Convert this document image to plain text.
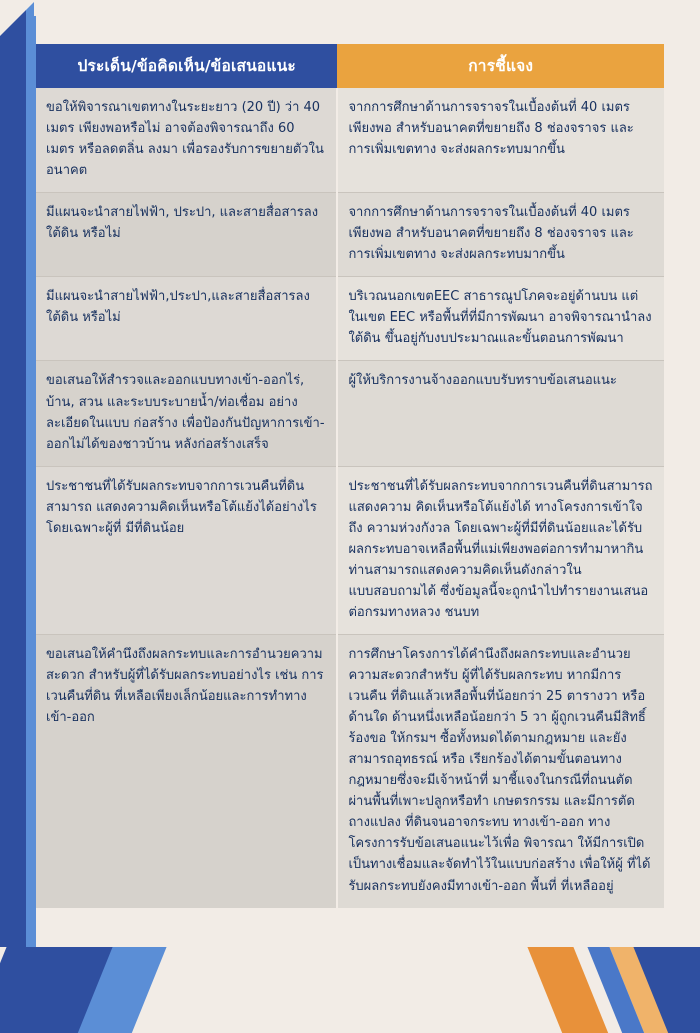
ประเด็น/ข้อคิดเห็น/ข้อเสนอแนะ	การชี้แจง
ขอให้พิจารณาเขตทางในระยะยาว (20 ปี) ว่า 40 เมตร เพียงพอหรือไม่ อาจต้องพิจารณาถึง 60 เมตร หรือลดตลิ่น ลงมา เพื่อรองรับการขยายตัวในอนาคต	จากการศึกษาด้านการจราจรในเบื้องต้นที่ 40 เมตรเพียงพอ สำหรับอนาคตที่ขยายถึง 8 ช่องจราจร และการเพิ่มเขตทาง จะส่งผลกระทบมากขึ้น
มีแผนจะนำสายไฟฟ้า, ประปา, และสายสื่อสารลงใต้ดิน หรือไม่	จากการศึกษาด้านการจราจรในเบื้องต้นที่ 40 เมตรเพียงพอ สำหรับอนาคตที่ขยายถึง 8 ช่องจราจร และการเพิ่มเขตทาง จะส่งผลกระทบมากขึ้น
มีแผนจะนำสายไฟฟ้า,ประปา,และสายสื่อสารลงใต้ดิน หรือไม่	บริเวณนอกเขตEEC สาธารณูปโภคจะอยู่ด้านบน แต่ ในเขต EEC หรือพื้นที่ที่มีการพัฒนา อาจพิจารณานำลง ใต้ดิน ขึ้นอยู่กับงบประมาณและขั้นตอนการพัฒนา
ขอเสนอให้สำรวจและออกแบบทางเข้า-ออกไร่, บ้าน, สวน และระบบระบายน้ำ/ท่อเชื่อม อย่างละเอียดในแบบ ก่อสร้าง เพื่อป้องกันปัญหาการเข้า-ออกไม่ได้ของชาวบ้าน หลังก่อสร้างเสร็จ	ผู้ให้บริการงานจ้างออกแบบรับทราบข้อเสนอแนะ
ประชาชนที่ได้รับผลกระทบจากการเวนคืนที่ดิน สามารถ แสดงความคิดเห็นหรือโต้แย้งได้อย่างไร โดยเฉพาะผู้ที่ มีที่ดินน้อย	ประชาชนที่ได้รับผลกระทบจากการเวนคืนที่ดินสามารถ แสดงความ คิดเห็นหรือโต้แย้งได้ ทางโครงการเข้าใจถึง ความห่วงกังวล โดยเฉพาะผู้ที่มีที่ดินน้อยและได้รับ ผลกระทบอาจเหลือพื้นที่แม่เพียงพอต่อการทำมาหากิน ท่านสามารถแสดงความคิดเห็นดังกล่าวในแบบสอบถามได้ ซึ่งข้อมูลนี้จะถูกนำไปทำรายงานเสนอต่อกรมทางหลวง ชนบท
ขอเสนอให้คำนึงถึงผลกระทบและการอำนวยความสะดวก สำหรับผู้ที่ได้รับผลกระทบอย่างไร เช่น การเวนคืนที่ดิน ที่เหลือเพียงเล็กน้อยและการทำทางเข้า-ออก	การศึกษาโครงการได้คำนึงถึงผลกระทบและอำนวย ความสะดวกสำหรับ ผู้ที่ได้รับผลกระทบ หากมีการเวนคืน ที่ดินแล้วเหลือพื้นที่น้อยกว่า 25 ตารางวา หรือด้านใด ด้านหนึ่งเหลือน้อยกว่า 5 วา ผู้ถูกเวนคืนมีสิทธิ์ร้องขอ ให้กรมฯ ซื้อทั้งหมดได้ตามกฎหมาย และยังสามารถอุทธรณ์ หรือ เรียกร้องได้ตามขั้นตอนทางกฎหมายซึ่งจะมีเจ้าหน้าที่ มาชี้แจงในกรณีที่ถนนตัดผ่านพื้นที่เพาะปลูกหรือทำ เกษตรกรรม และมีการตัดถางแปลง ที่ดินจนอาจกระทบ ทางเข้า-ออก ทางโครงการรับข้อเสนอแนะไว้เพื่อ พิจารณา ให้มีการเปิดเป็นทางเชื่อมและจัดทำไว้ในแบบก่อสร้าง เพื่อให้ผู้ ที่ได้รับผลกระทบยังคงมีทางเข้า-ออก พื้นที่ ที่เหลืออยู่
